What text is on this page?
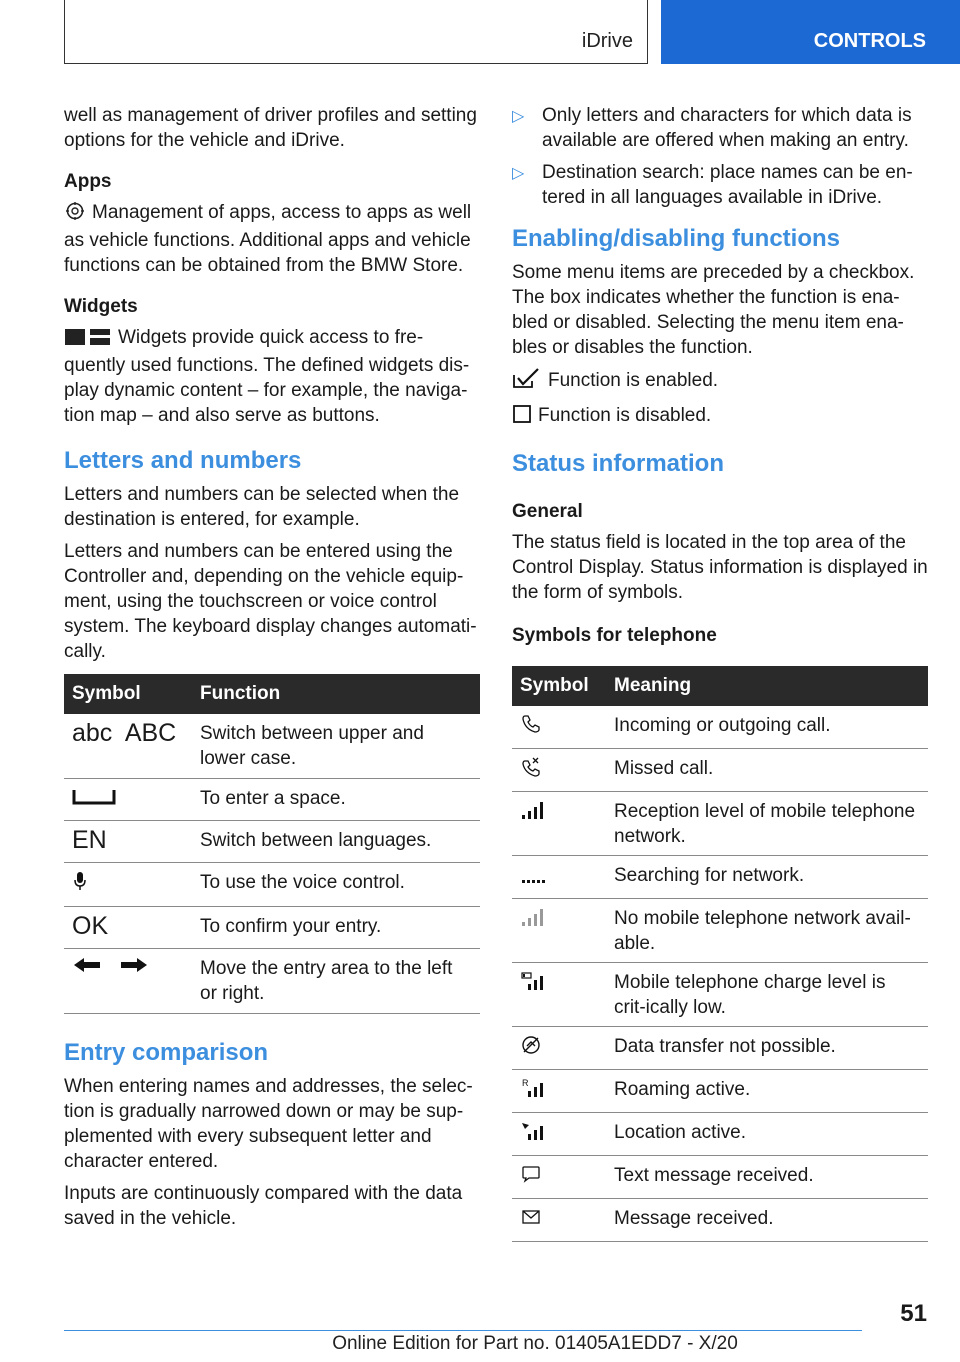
iDrive	CONTROLS

well as management of driver profiles and setting options for the vehicle and iDrive.

Apps

Management of apps, access to apps as well as vehicle functions. Additional apps and vehicle functions can be obtained from the BMW Store.

Widgets

Widgets provide quick access to fre‐quently used functions. The defined widgets dis‐play dynamic content – for example, the naviga‐tion map – and also serve as buttons.

Letters and numbers

Letters and numbers can be selected when the destination is entered, for example.

Letters and numbers can be entered using the Controller and, depending on the vehicle equip‐ment, using the touchscreen or voice control system. The keyboard display changes automati‐cally.

Symbol	Function
abc  ABC	Switch between upper and lower case.
	To enter a space.
EN	Switch between languages.
	To use the voice control.
OK	To confirm your entry.
	Move the entry area to the left or right.
Entry comparison

When entering names and addresses, the selec‐tion is gradually narrowed down or may be sup‐plemented with every subsequent letter and character entered.

Inputs are continuously compared with the data saved in the vehicle.

▷ Only letters and characters for which data is available are offered when making an entry.
▷ Destination search: place names can be en‐tered in all languages available in iDrive.
Enabling/disabling functions

Some menu items are preceded by a checkbox. The box indicates whether the function is ena‐bled or disabled. Selecting the menu item ena‐bles or disables the function.

Function is enabled.
Function is disabled.
Status information
General

The status field is located in the top area of the Control Display. Status information is displayed in the form of symbols.

Symbols for telephone
Symbol	Meaning
	Incoming or outgoing call.
	Missed call.
	Reception level of mobile telephone network.
	Searching for network.
	No mobile telephone network avail‐able.
	Mobile telephone charge level is crit‐ically low.
	Data transfer not possible.

R	Roaming active.
	Location active.
	Text message received.
	Message received.
51
Online Edition for Part no. 01405A1EDD7 - X/20
